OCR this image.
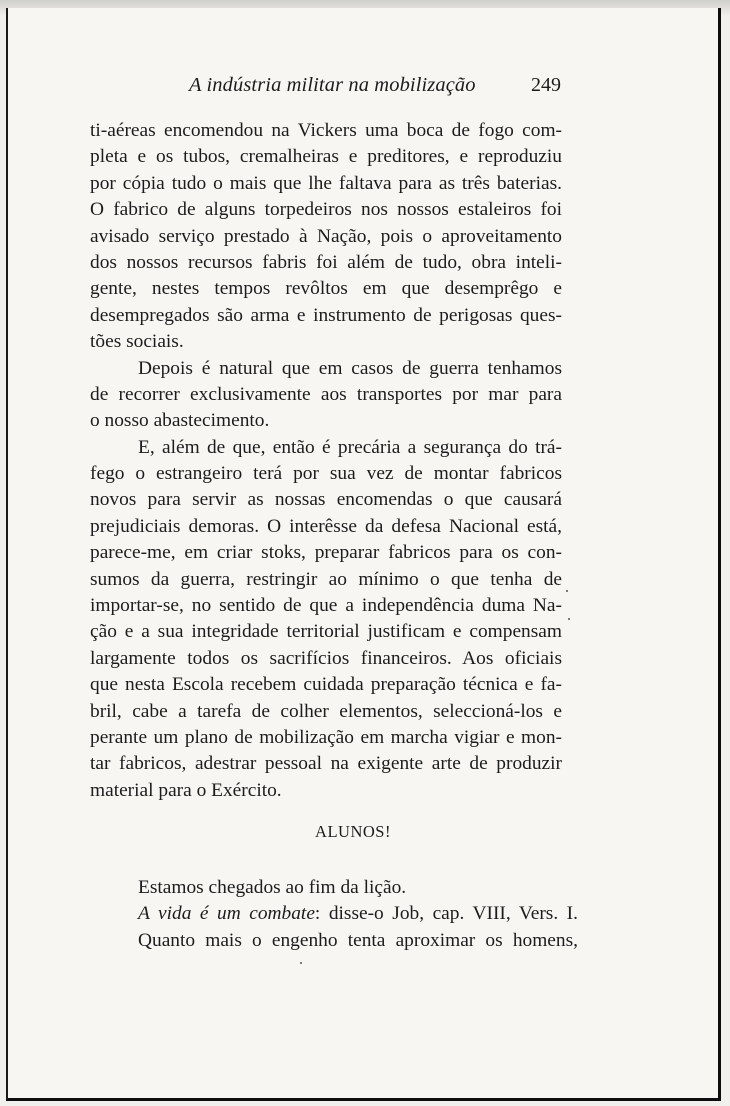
A indústria militar na mobilização	249
ti-aéreas encomendou na Vickers uma boca de fogo com-
pleta e os tubos, cremalheiras e preditores, e reproduziu
por cópia tudo o mais que lhe faltava para as três baterias.
O fabrico de alguns torpedeiros nos nossos estaleiros foi
avisado serviço prestado à Nação, pois o aproveitamento
dos nossos recursos fabris foi além de tudo, obra inteli-
gente, nestes tempos revôltos em que desemprêgo e
desempregados são arma e instrumento de perigosas ques-
tões sociais.
Depois é natural que em casos de guerra tenhamos
de recorrer exclusivamente aos transportes por mar para
o nosso abastecimento.
E, além de que, então é precária a segurança do trá-
fego o estrangeiro terá por sua vez de montar fabricos
novos para servir as nossas encomendas o que causará
prejudiciais demoras. O interêsse da defesa Nacional está,
parece-me, em criar stoks, preparar fabricos para os con-
sumos da guerra, restringir ao mínimo o que tenha de
importar-se, no sentido de que a independência duma Na-
ção e a sua integridade territorial justificam e compensam
largamente todos os sacrifícios financeiros. Aos oficiais
que nesta Escola recebem cuidada preparação técnica e fa-
bril, cabe a tarefa de colher elementos, seleccioná-los e
perante um plano de mobilização em marcha vigiar e mon-
tar fabricos, adestrar pessoal na exigente arte de produzir
material para o Exército.
ALUNOS!
Estamos chegados ao fim da lição.
A vida é um combate: disse-o Job, cap. VIII, Vers. I.
Quanto mais o engenho tenta aproximar os homens,
